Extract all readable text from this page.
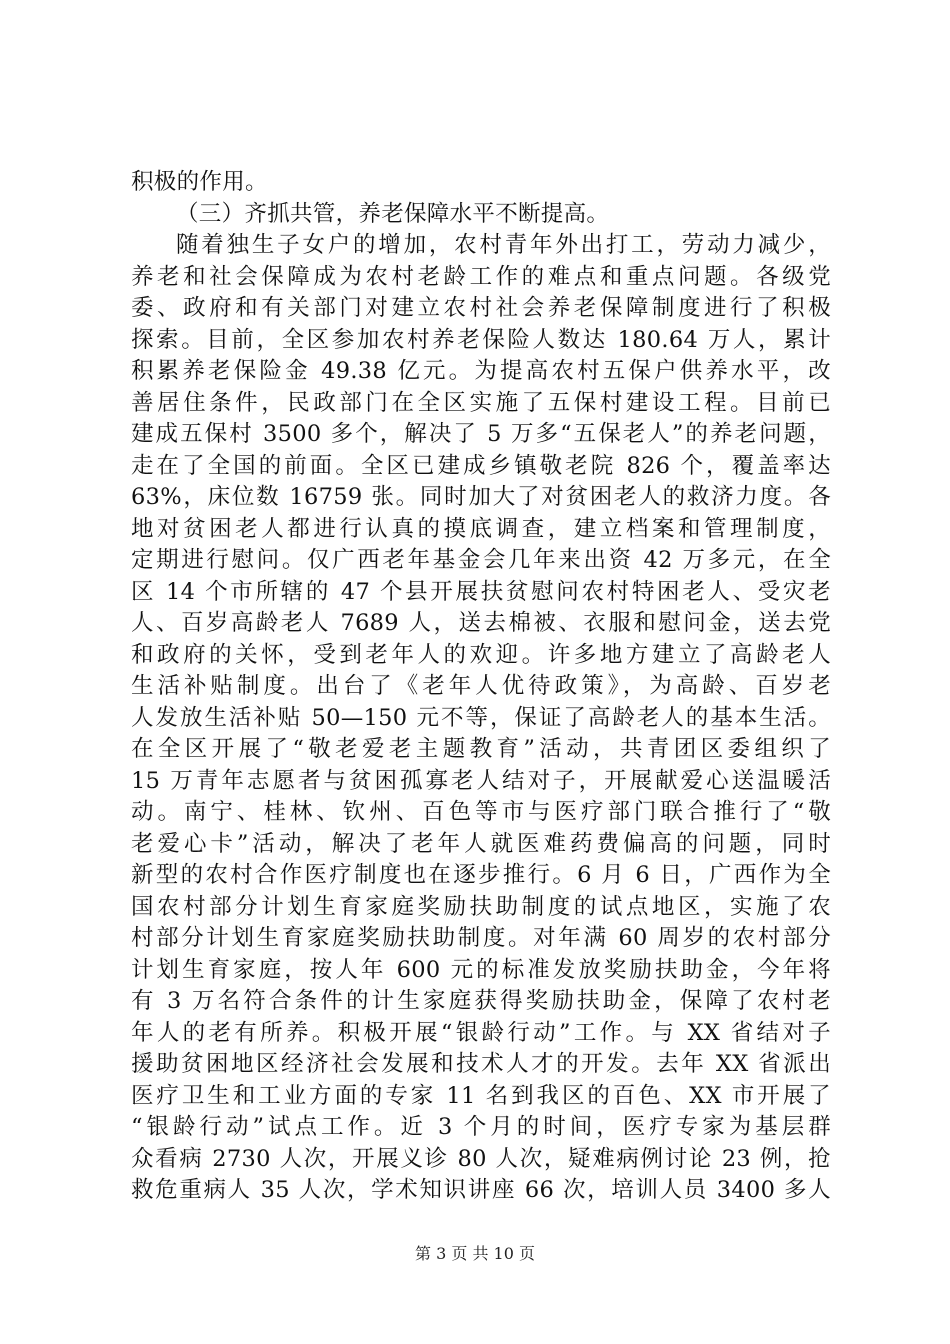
积极的作用。
（三）齐抓共管，养老保障水平不断提高。
随着独生子女户的增加，农村青年外出打工，劳动力减少，
养老和社会保障成为农村老龄工作的难点和重点问题。各级党
委、政府和有关部门对建立农村社会养老保障制度进行了积极
探索。目前，全区参加农村养老保险人数达 180.64 万人，累计
积累养老保险金 49.38 亿元。为提高农村五保户供养水平，改
善居住条件，民政部门在全区实施了五保村建设工程。目前已
建成五保村 3500 多个，解决了 5 万多“五保老人”的养老问题，
走在了全国的前面。全区已建成乡镇敬老院 826 个，覆盖率达
63%，床位数 16759 张。同时加大了对贫困老人的救济力度。各
地对贫困老人都进行认真的摸底调查，建立档案和管理制度，
定期进行慰问。仅广西老年基金会几年来出资 42 万多元，在全
区 14 个市所辖的 47 个县开展扶贫慰问农村特困老人、受灾老
人、百岁高龄老人 7689 人，送去棉被、衣服和慰问金，送去党
和政府的关怀，受到老年人的欢迎。许多地方建立了高龄老人
生活补贴制度。出台了《老年人优待政策》，为高龄、百岁老
人发放生活补贴 50—150 元不等，保证了高龄老人的基本生活。
在全区开展了“敬老爱老主题教育”活动，共青团区委组织了
15 万青年志愿者与贫困孤寡老人结对子，开展献爱心送温暖活
动。南宁、桂林、钦州、百色等市与医疗部门联合推行了“敬
老爱心卡”活动，解决了老年人就医难药费偏高的问题，同时
新型的农村合作医疗制度也在逐步推行。6 月 6 日，广西作为全
国农村部分计划生育家庭奖励扶助制度的试点地区，实施了农
村部分计划生育家庭奖励扶助制度。对年满 60 周岁的农村部分
计划生育家庭，按人年 600 元的标准发放奖励扶助金，今年将
有 3 万名符合条件的计生家庭获得奖励扶助金，保障了农村老
年人的老有所养。积极开展“银龄行动”工作。与 XX 省结对子
援助贫困地区经济社会发展和技术人才的开发。去年 XX 省派出
医疗卫生和工业方面的专家 11 名到我区的百色、XX 市开展了
“银龄行动”试点工作。近 3 个月的时间，医疗专家为基层群
众看病 2730 人次，开展义诊 80 人次，疑难病例讨论 23 例，抢
救危重病人 35 人次，学术知识讲座 66 次，培训人员 3400 多人
第 3 页 共 10 页
